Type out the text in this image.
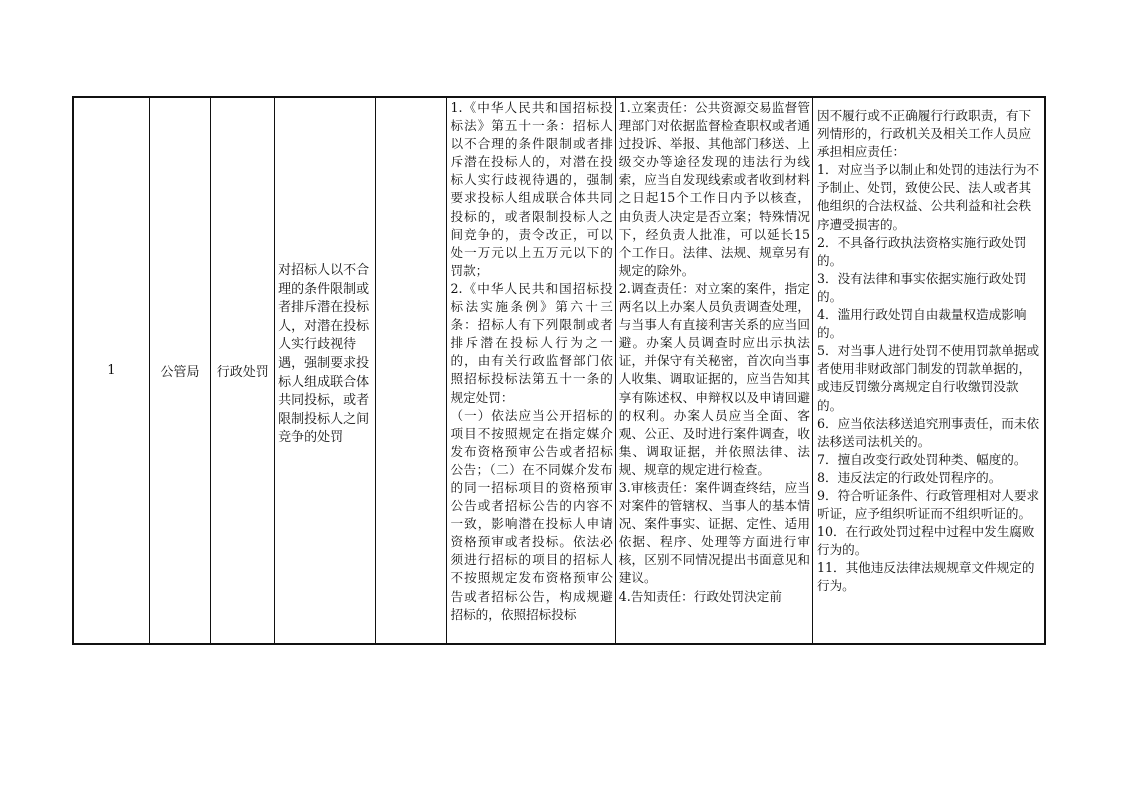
1	公管局 行政处罚
对招标人以不合理的条件限制或者排斥潜在投标人，对潜在投标人实行歧视待遇，强制要求投标人组成联合体共同投标，或者限制投标人之间竞争的处罚
1.《中华人民共和国招标投标法》第五十一条：招标人以不合理的条件限制或者排斥潜在投标人的，对潜在投标人实行歧视待遇的，强制要求投标人组成联合体共同投标的，或者限制投标人之间竞争的，责令改正，可以处一万元以上五万元以下的罚款；
2.《中华人民共和国招标投标法实施条例》第六十三条：招标人有下列限制或者排斥潜在投标人行为之一的，由有关行政监督部门依照招标投标法第五十一条的规定处罚：
（一）依法应当公开招标的项目不按照规定在指定媒介发布资格预审公告或者招标公告；（二）在不同媒介发布的同一招标项目的资格预审公告或者招标公告的内容不一致，影响潜在投标人申请资格预审或者投标。依法必须进行招标的项目的招标人不按照规定发布资格预审公告或者招标公告，构成规避招标的，依照招标投标
1.立案责任：公共资源交易监督管理部门对依据监督检查职权或者通过投诉、举报、其他部门移送、上级交办等途径发现的违法行为线索，应当自发现线索或者收到材料之日起15个工作日内予以核查，由负责人决定是否立案；特殊情况下，经负责人批准，可以延长15个工作日。法律、法规、规章另有规定的除外。
2.调查责任：对立案的案件，指定两名以上办案人员负责调查处理，与当事人有直接利害关系的应当回避。办案人员调查时应出示执法证，并保守有关秘密，首次向当事人收集、调取证据的，应当告知其享有陈述权、申辩权以及申请回避的权利。办案人员应当全面、客观、公正、及时进行案件调查，收集、调取证据，并依照法律、法规、规章的规定进行检查。
3.审核责任：案件调查终结，应当对案件的管辖权、当事人的基本情况、案件事实、证据、定性、适用依据、程序、处理等方面进行审核，区别不同情况提出书面意见和建议。
4.告知责任：行政处罚決定前
因不履行或不正确履行行政职责，有下列情形的，行政机关及相关工作人员应承担相应责任：
1．对应当予以制止和处罚的违法行为不予制止、处罚，致使公民、法人或者其他组织的合法权益、公共利益和社会秩序遭受损害的。
2．不具备行政执法资格实施行政处罚的。
3．没有法律和事实依据实施行政处罚的。
4．滥用行政处罚自由裁量权造成影响的。
5．对当事人进行处罚不使用罚款单据或者使用非财政部门制发的罚款单据的，或违反罚缴分离规定自行收缴罚没款的。
6．应当依法移送追究刑事责任，而未依法移送司法机关的。
7．擅自改变行政处罚种类、幅度的。
8．违反法定的行政处罚程序的。
9．符合听证条件、行政管理相对人要求听证，应予组织听证而不组织听证的。
10．在行政处罚过程中过程中发生腐败行为的。
11．其他违反法律法规规章文件规定的行为。
